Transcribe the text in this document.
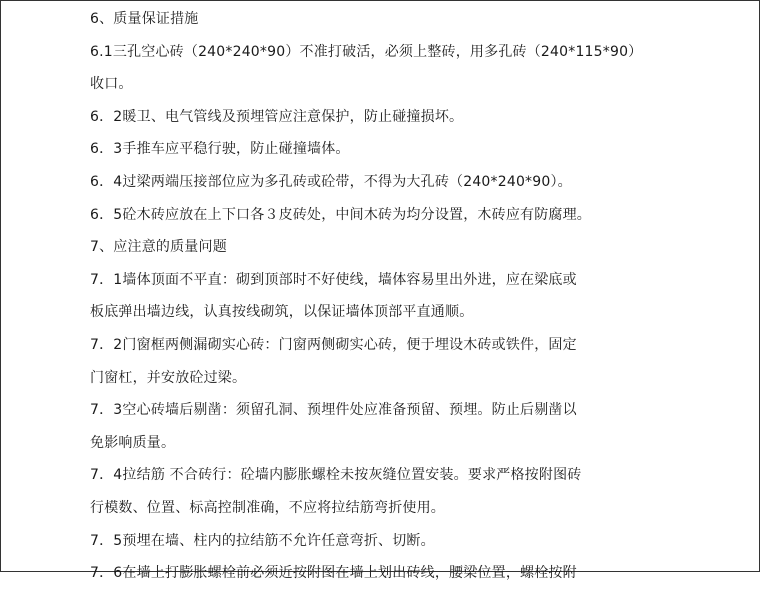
6、质量保证措施
6.1三孔空心砖（240*240*90）不准打破活，必须上整砖，用多孔砖（240*115*90）
收口。
6．2暖卫、电气管线及预埋管应注意保护，防止碰撞损坏。
6．3手推车应平稳行驶，防止碰撞墙体。
6．4过梁两端压接部位应为多孔砖或砼带，不得为大孔砖（240*240*90）。
6．5砼木砖应放在上下口各３皮砖处，中间木砖为均分设置，木砖应有防腐理。
7、应注意的质量问题
7．1墙体顶面不平直：砌到顶部时不好使线，墙体容易里出外进，应在梁底或
板底弹出墙边线，认真按线砌筑，以保证墙体顶部平直通顺。
7．2门窗框两侧漏砌实心砖：门窗两侧砌实心砖，便于埋设木砖或铁件，固定
门窗杠，并安放砼过梁。
7．3空心砖墙后剔凿：须留孔洞、预埋件处应准备预留、预埋。防止后剔凿以
免影响质量。
7．4拉结筋 不合砖行：砼墙内膨胀螺栓未按灰缝位置安装。要求严格按附图砖
行模数、位置、标高控制准确，不应将拉结筋弯折使用。
7．5预埋在墙、柱内的拉结筋不允许任意弯折、切断。
7．6在墙上打膨胀螺栓前必须近按附图在墙上划出砖线，腰梁位置，螺栓按附
